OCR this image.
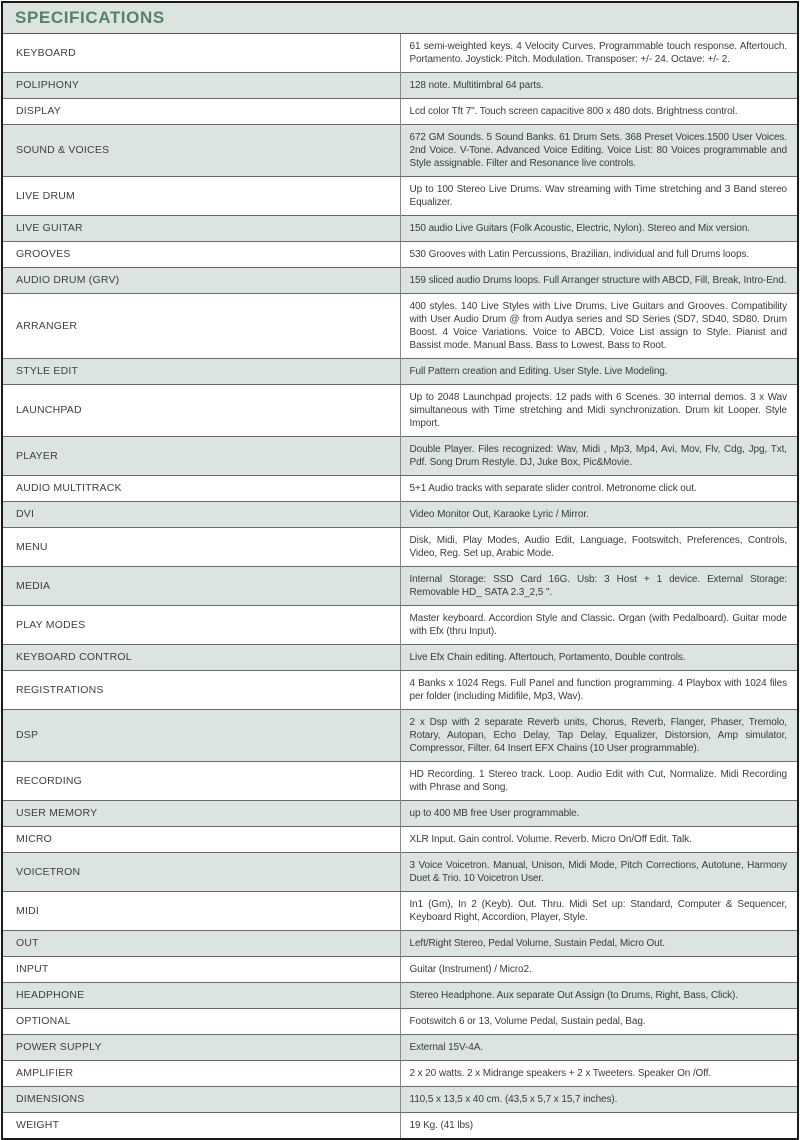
SPECIFICATIONS	
KEYBOARD	61 semi-weighted keys. 4 Velocity Curves. Programmable touch response. Aftertouch. Portamento. Joystick: Pitch. Modulation. Transposer: +/- 24. Octave: +/- 2.
POLIPHONY	128 note. Multitimbral 64 parts.
DISPLAY	Lcd color Tft 7". Touch screen capacitive 800 x 480 dots. Brightness control.
SOUND & VOICES	672 GM Sounds. 5 Sound Banks. 61 Drum Sets. 368 Preset Voices.1500 User Voices. 2nd Voice. V-Tone. Advanced Voice Editing. Voice List: 80 Voices programmable and Style assignable. Filter and Resonance live controls.
LIVE DRUM	Up to 100 Stereo Live Drums. Wav streaming with Time stretching and 3 Band stereo Equalizer.
LIVE GUITAR	150 audio Live Guitars (Folk Acoustic, Electric, Nylon). Stereo and Mix version.
GROOVES	530 Grooves with Latin Percussions, Brazilian, individual and full Drums loops.
AUDIO DRUM (GRV)	159 sliced audio Drums loops. Full Arranger structure with ABCD, Fill, Break, Intro-End.
ARRANGER	400 styles. 140 Live Styles with Live Drums, Live Guitars and Grooves. Compatibility with User Audio Drum @ from Audya series and SD Series (SD7, SD40, SD80. Drum Boost. 4 Voice Variations. Voice to ABCD. Voice List assign to Style. Pianist and Bassist mode. Manual Bass. Bass to Lowest. Bass to Root.
STYLE EDIT	Full Pattern creation and Editing. User Style. Live Modeling.
LAUNCHPAD	Up to 2048 Launchpad projects. 12 pads with 6 Scenes. 30 internal demos. 3 x Wav simultaneous with Time stretching and Midi synchronization. Drum kit Looper. Style Import.
PLAYER	Double Player. Files recognized: Wav, Midi , Mp3, Mp4, Avi, Mov, Flv, Cdg, Jpg, Txt, Pdf. Song Drum Restyle. DJ, Juke Box, Pic&Movie.
AUDIO MULTITRACK	5+1 Audio tracks with separate slider control. Metronome click out.
DVI	Video Monitor Out, Karaoke Lyric / Mirror.
MENU	Disk, Midi, Play Modes, Audio Edit, Language, Footswitch, Preferences, Controls, Video, Reg. Set up, Arabic Mode.
MEDIA	Internal Storage: SSD Card 16G. Usb: 3 Host + 1 device. External Storage: Removable HD_ SATA 2.3_2,5 ".
PLAY MODES	Master keyboard. Accordion Style and Classic. Organ (with Pedalboard). Guitar mode with Efx (thru Input).
KEYBOARD CONTROL	Live Efx Chain editing. Aftertouch, Portamento, Double controls.
REGISTRATIONS	4 Banks x 1024 Regs. Full Panel and function programming. 4 Playbox with 1024 files per folder (including Midifile, Mp3, Wav).
DSP	2 x Dsp with 2 separate Reverb units, Chorus, Reverb, Flanger, Phaser, Tremolo, Rotary, Autopan, Echo Delay, Tap Delay, Equalizer, Distorsion, Amp simulator, Compressor, Filter. 64 Insert EFX Chains (10 User programmable).
RECORDING	HD Recording. 1 Stereo track. Loop. Audio Edit with Cut, Normalize. Midi Recording with Phrase and Song.
USER MEMORY	up to 400 MB free User programmable.
MICRO	XLR Input. Gain control. Volume. Reverb. Micro On/Off Edit. Talk.
VOICETRON	3 Voice Voicetron. Manual, Unison, Midi Mode, Pitch Corrections, Autotune, Harmony Duet & Trio. 10 Voicetron User.
MIDI	In1 (Gm), In 2 (Keyb). Out. Thru. Midi Set up: Standard, Computer & Sequencer, Keyboard Right, Accordion, Player, Style.
OUT	Left/Right Stereo, Pedal Volume, Sustain Pedal, Micro Out.
INPUT	Guitar (Instrument) / Micro2.
HEADPHONE	Stereo Headphone. Aux separate Out Assign (to Drums, Right, Bass, Click).
OPTIONAL	Footswitch 6 or 13, Volume Pedal, Sustain pedal, Bag.
POWER SUPPLY	External 15V-4A.
AMPLIFIER	2 x 20 watts. 2 x Midrange speakers + 2 x Tweeters. Speaker On /Off.
DIMENSIONS	110,5 x 13,5 x 40 cm. (43,5 x 5,7 x 15,7 inches).
WEIGHT	19 Kg. (41 lbs)
